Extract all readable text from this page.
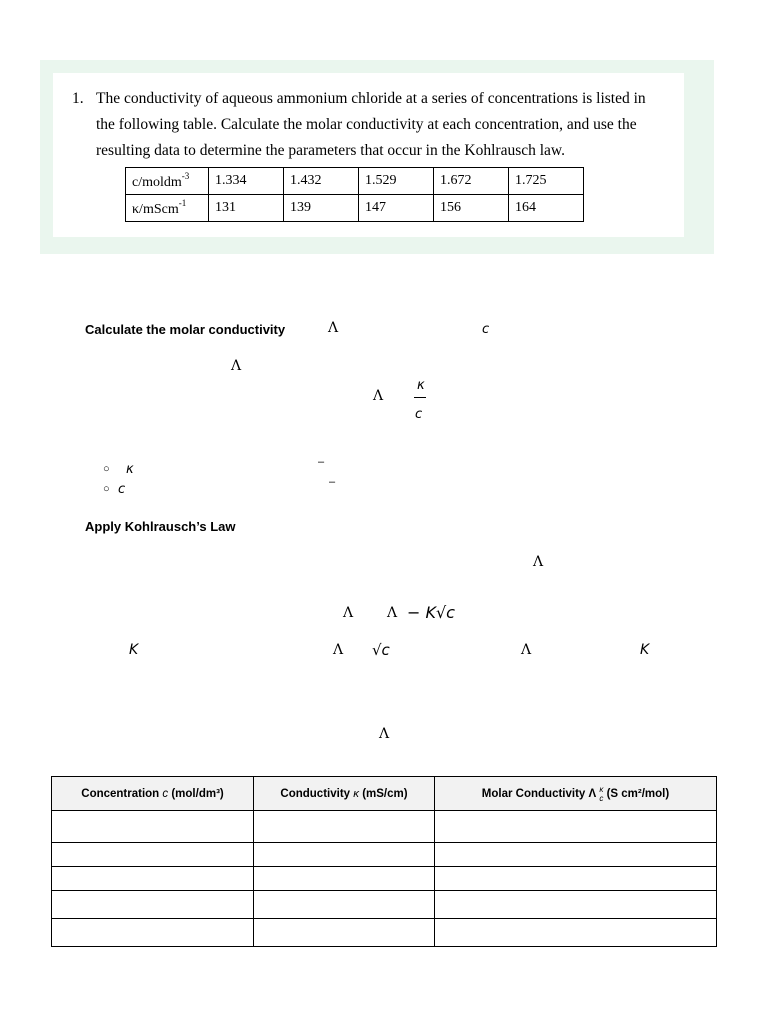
1. The conductivity of aqueous ammonium chloride at a series of concentrations is listed in
the following table. Calculate the molar conductivity at each concentration, and use the
resulting data to determine the parameters that occur in the Kohlrausch law.
c/moldm$^{-3}$	1.334	1.432	1.529	1.672	1.725
κ/mScm$^{-1}$	131	139	147	156	164
Calculate the molar conductivity	Λ	c
Λ
Λ
κ
c
○ κ	–
○ c	–
Apply Kohlrausch’s Law
Λ
Λ Λ − K√c
K	Λ √c	Λ	K
Λ
Concentration c (mol/dm³)	Conductivity κ (mS/cm)	Molar Conductivity Λ κ
c (S cm²/mol)
